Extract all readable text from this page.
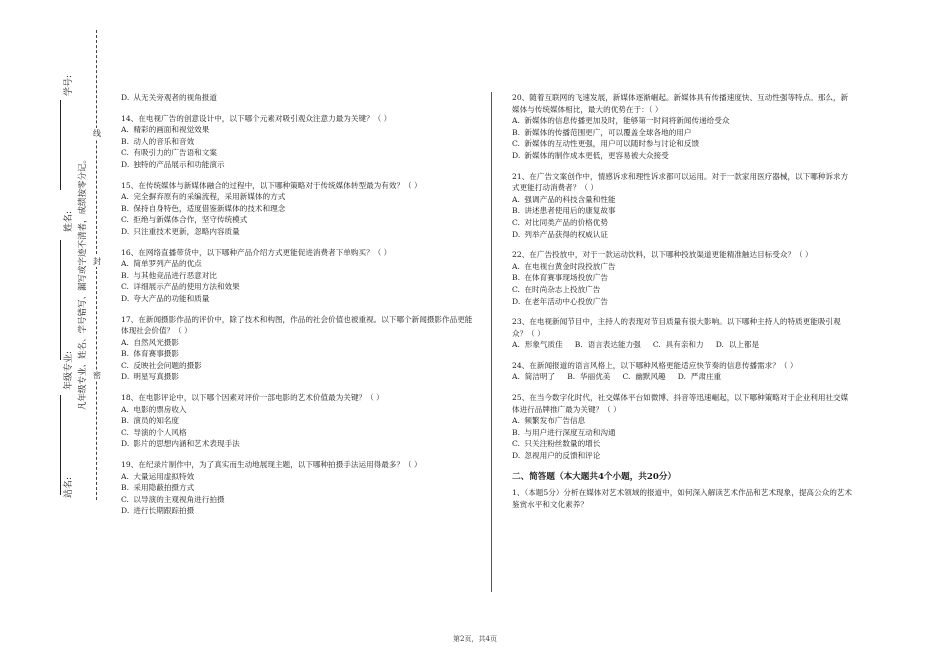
学号:
姓名:
年级专业:
站名:
凡年级专业、姓名、学号错写、漏写或字迹不清者，成绩按零分记。 密
封
线
D. 从无关旁观者的视角报道

14、在电视广告的创意设计中，以下哪个元素对吸引观众注意力最为关键？（ ）

A. 精彩的画面和视觉效果
B. 动人的音乐和音效
C. 有吸引力的广告语和文案
D. 独特的产品展示和功能演示

15、在传统媒体与新媒体融合的过程中，以下哪种策略对于传统媒体转型最为有效？（ ）

A. 完全摒弃原有的采编流程，采用新媒体的方式
B. 保持自身特色，适度借鉴新媒体的技术和理念
C. 拒绝与新媒体合作，坚守传统模式
D. 只注重技术更新，忽略内容质量

16、在网络直播带货中，以下哪种产品介绍方式更能促进消费者下单购买？（ ）

A. 简单罗列产品的优点
B. 与其他竞品进行恶意对比
C. 详细展示产品的使用方法和效果
D. 夸大产品的功能和质量

17、在新闻摄影作品的评价中，除了技术和构图，作品的社会价值也被重视。以下哪个新闻摄影作品更能体现社会价值？（ ）

A. 自然风光摄影
B. 体育赛事摄影
C. 反映社会问题的摄影
D. 明星写真摄影

18、在电影评论中，以下哪个因素对评价一部电影的艺术价值最为关键？（ ）

A. 电影的票房收入
B. 演员的知名度
C. 导演的个人风格
D. 影片的思想内涵和艺术表现手法

19、在纪录片制作中，为了真实而生动地展现主题，以下哪种拍摄手法运用得最多？（ ）

A. 大量运用虚拟特效
B. 采用隐蔽拍摄方式
C. 以导演的主观视角进行拍摄
D. 进行长期跟踪拍摄

20、随着互联网的飞速发展，新媒体逐渐崛起。新媒体具有传播速度快、互动性强等特点。那么，新媒体与传统媒体相比，最大的优势在于：（ ）

A. 新媒体的信息传播更加及时，能够第一时间将新闻传递给受众
B. 新媒体的传播范围更广，可以覆盖全球各地的用户
C. 新媒体的互动性更强，用户可以随时参与讨论和反馈
D. 新媒体的制作成本更低，更容易被大众接受

21、在广告文案创作中，情感诉求和理性诉求都可以运用。对于一款家用医疗器械，以下哪种诉求方式更能打动消费者？（ ）

A. 强调产品的科技含量和性能
B. 讲述患者使用后的康复故事
C. 对比同类产品的价格优势
D. 列举产品获得的权威认证

22、在广告投放中，对于一款运动饮料，以下哪种投放渠道更能精准触达目标受众？（ ）

A. 在电视台黄金时段投放广告
B. 在体育赛事现场投放广告
C. 在时尚杂志上投放广告
D. 在老年活动中心投放广告

23、在电视新闻节目中，主持人的表现对节目质量有很大影响。以下哪种主持人的特质更能吸引观众？（ ）

A. 形象气质佳 B. 语言表达能力强 C. 具有亲和力 D. 以上都是

24、在新闻报道的语言风格上，以下哪种风格更能适应快节奏的信息传播需求？（ ）

A. 简洁明了 B. 华丽优美 C. 幽默风趣 D. 严肃庄重

25、在当今数字化时代，社交媒体平台如微博、抖音等迅速崛起，以下哪种策略对于企业利用社交媒体进行品牌推广最为关键？（ ）

A. 频繁发布广告信息
B. 与用户进行深度互动和沟通
C. 只关注粉丝数量的增长
D. 忽视用户的反馈和评论
二、简答题（本大题共4个小题，共20分）

1、（本题5分）分析在媒体对艺术领域的报道中，如何深入解读艺术作品和艺术现象，提高公众的艺术鉴赏水平和文化素养？

第2页，共4页
